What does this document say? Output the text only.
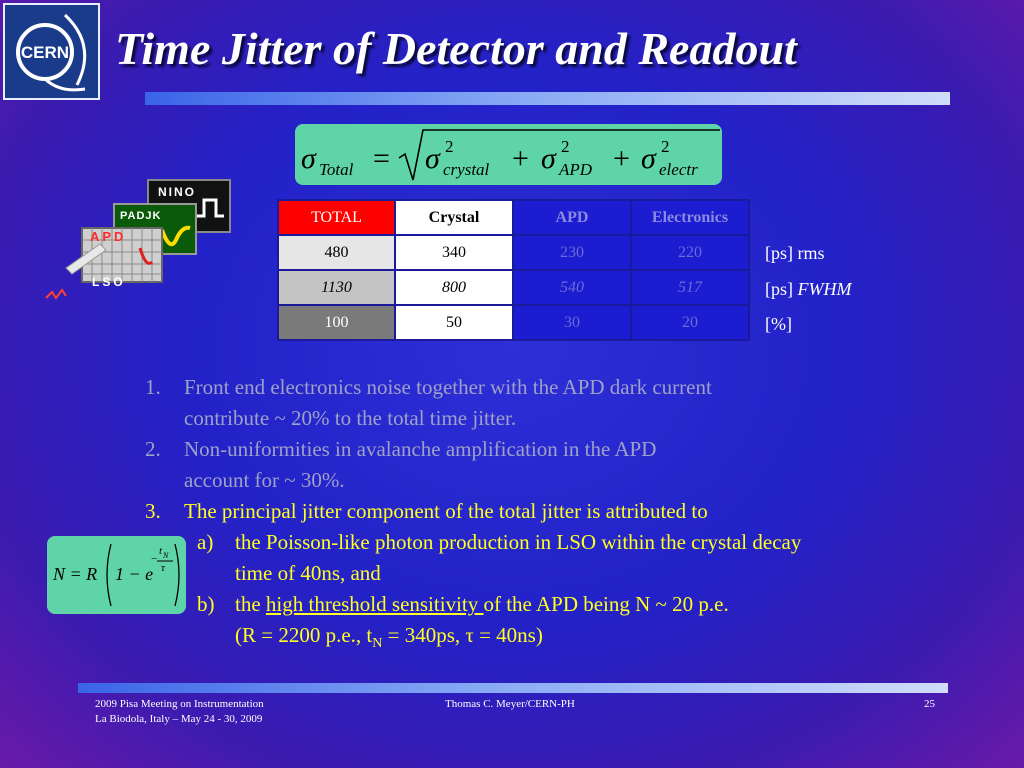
CERN Time Jitter of Detector and Readout
σ Total = σ 2
crystal + σ 2
APD + σ 2
electr
NINO
PADJK
APD
LSO
TOTAL	Crystal	APD	Electronics
480	340	230	220
1130	800	540	517
100	50	30	20
[ps] rms
[ps] FWHM
[%]
1. Front end electronics noise together with the APD dark current
contribute ~ 20% to the total time jitter.
2. Non-uniformities in avalanche amplification in the APD
account for ~ 30%.
3. The principal jitter component of the total jitter is attributed to
a) the Poisson-like photon production in LSO within the crystal decay
time of 40ns, and
b) the high threshold sensitivity of the APD being N ~ 20 p.e.
(R = 2200 p.e., $t_N = 340ps$, τ = 40ns)
N = R 1 − e
−
t N
τ
2009 Pisa Meeting on Instrumentation
La Biodola, Italy – May 24 - 30, 2009
Thomas C. Meyer/CERN-PH	25
